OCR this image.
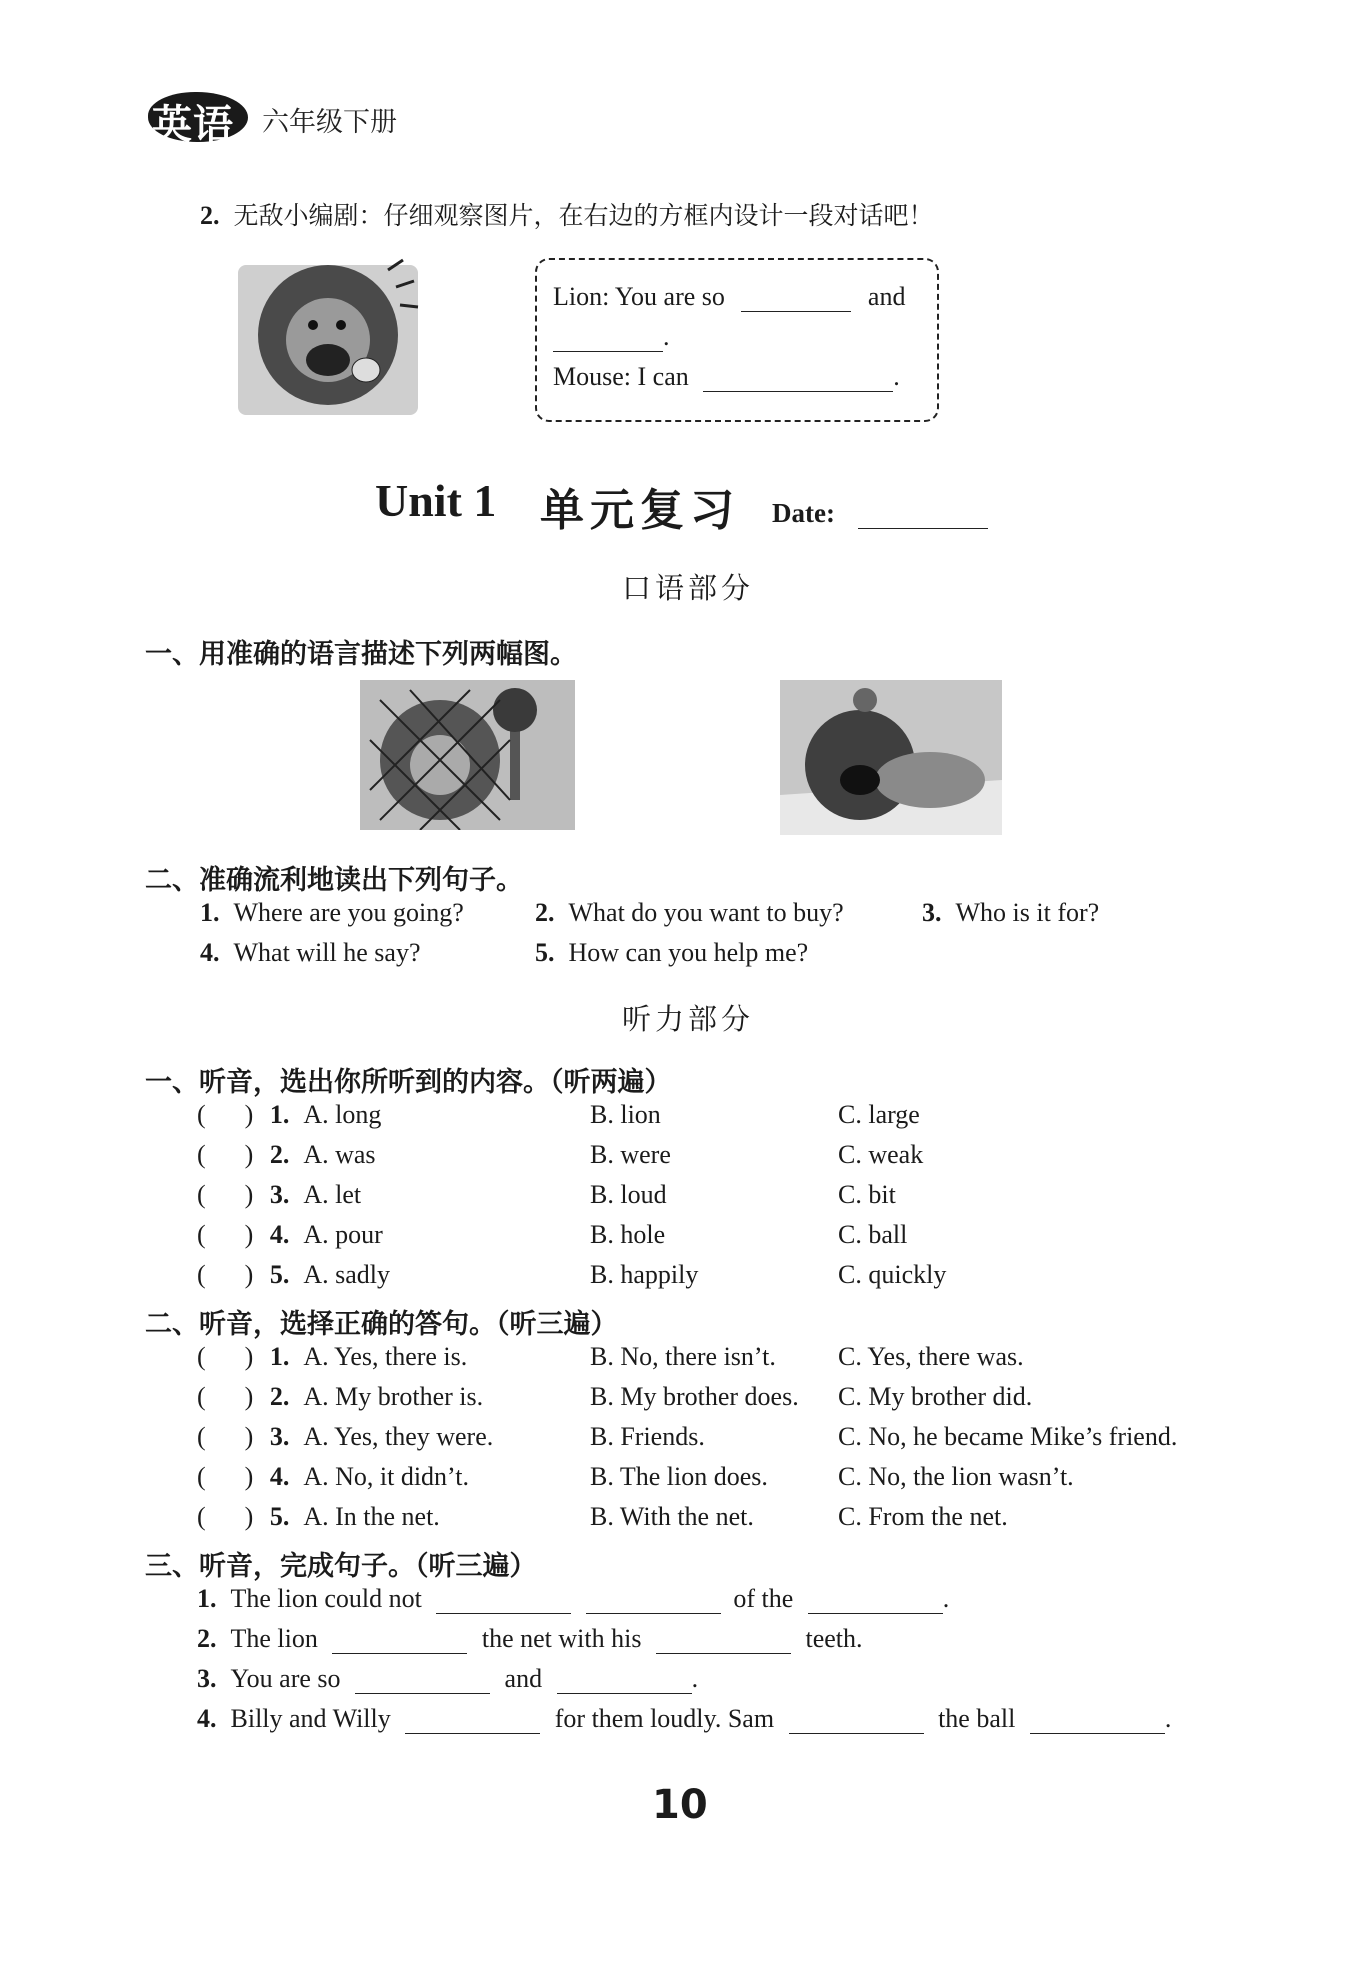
英语 六年级下册
2. 无敌小编剧：仔细观察图片，在右边的方框内设计一段对话吧！
Lion: You are so	and
.
Mouse: I can	.
Unit 1 单元复习 Date:
口语部分
一、用准确的语言描述下列两幅图。
二、准确流利地读出下列句子。
1. Where are you going?	2. What do you want to buy?	3. Who is it for?
4. What will he say?	5. How can you help me?
听力部分
一、听音，选出你所听到的内容。（听两遍）
(      ) 1. A. long	B. lion	C. large
(      ) 2. A. was	B. were	C. weak
(      ) 3. A. let	B. loud	C. bit
(      ) 4. A. pour	B. hole	C. ball
(      ) 5. A. sadly	B. happily	C. quickly
二、听音，选择正确的答句。（听三遍）
(      ) 1. A. Yes, there is.	B. No, there isn’t. C. Yes, there was.
(      ) 2. A. My brother is.	B. My brother does. C. My brother did.
(      ) 3. A. Yes, they were.	B. Friends.	C. No, he became Mike’s friend.
(      ) 4. A. No, it didn’t.	B. The lion does.	C. No, the lion wasn’t.
(      ) 5. A. In the net.	B. With the net.	C. From the net.
三、听音，完成句子。（听三遍）
1. The lion could not	of the	.
2. The lion	the net with his	teeth.
3. You are so	and	.
4. Billy and Willy	for them loudly. Sam	the ball	.
10
